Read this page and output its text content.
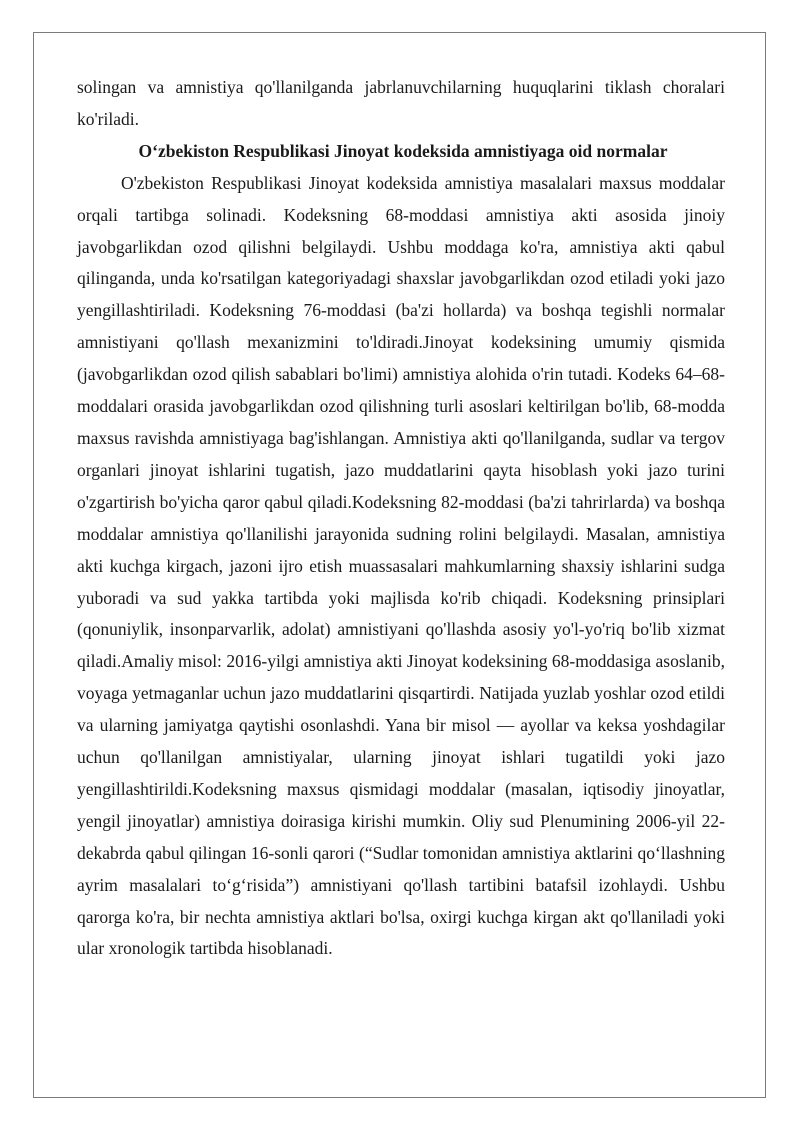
solingan va amnistiya qo'llanilganda jabrlanuvchilarning huquqlarini tiklash choralari ko'riladi.

O‘zbekiston Respublikasi Jinoyat kodeksida amnistiyaga oid normalar

O'zbekiston Respublikasi Jinoyat kodeksida amnistiya masalalari maxsus moddalar orqali tartibga solinadi. Kodeksning 68-moddasi amnistiya akti asosida jinoiy javobgarlikdan ozod qilishni belgilaydi. Ushbu moddaga ko'ra, amnistiya akti qabul qilinganda, unda ko'rsatilgan kategoriyadagi shaxslar javobgarlikdan ozod etiladi yoki jazo yengillashtiriladi. Kodeksning 76-moddasi (ba'zi hollarda) va boshqa tegishli normalar amnistiyani qo'llash mexanizmini to'ldiradi.Jinoyat kodeksining umumiy qismida (javobgarlikdan ozod qilish sabablari bo'limi) amnistiya alohida o'rin tutadi. Kodeks 64–68-moddalari orasida javobgarlikdan ozod qilishning turli asoslari keltirilgan bo'lib, 68-modda maxsus ravishda amnistiyaga bag'ishlangan. Amnistiya akti qo'llanilganda, sudlar va tergov organlari jinoyat ishlarini tugatish, jazo muddatlarini qayta hisoblash yoki jazo turini o'zgartirish bo'yicha qaror qabul qiladi.Kodeksning 82-moddasi (ba'zi tahrirlarda) va boshqa moddalar amnistiya qo'llanilishi jarayonida sudning rolini belgilaydi. Masalan, amnistiya akti kuchga kirgach, jazoni ijro etish muassasalari mahkumlarning shaxsiy ishlarini sudga yuboradi va sud yakka tartibda yoki majlisda ko'rib chiqadi. Kodeksning prinsiplari (qonuniylik, insonparvarlik, adolat) amnistiyani qo'llashda asosiy yo'l-yo'riq bo'lib xizmat qiladi.Amaliy misol: 2016-yilgi amnistiya akti Jinoyat kodeksining 68-moddasiga asoslanib, voyaga yetmaganlar uchun jazo muddatlarini qisqartirdi. Natijada yuzlab yoshlar ozod etildi va ularning jamiyatga qaytishi osonlashdi. Yana bir misol — ayollar va keksa yoshdagilar uchun qo'llanilgan amnistiyalar, ularning jinoyat ishlari tugatildi yoki jazo yengillashtirildi.Kodeksning maxsus qismidagi moddalar (masalan, iqtisodiy jinoyatlar, yengil jinoyatlar) amnistiya doirasiga kirishi mumkin. Oliy sud Plenumining 2006-yil 22-dekabrda qabul qilingan 16-sonli qarori (“Sudlar tomonidan amnistiya aktlarini qo‘llashning ayrim masalalari to‘g‘risida”) amnistiyani qo'llash tartibini batafsil izohlaydi. Ushbu qarorga ko'ra, bir nechta amnistiya aktlari bo'lsa, oxirgi kuchga kirgan akt qo'llaniladi yoki ular xronologik tartibda hisoblanadi.
